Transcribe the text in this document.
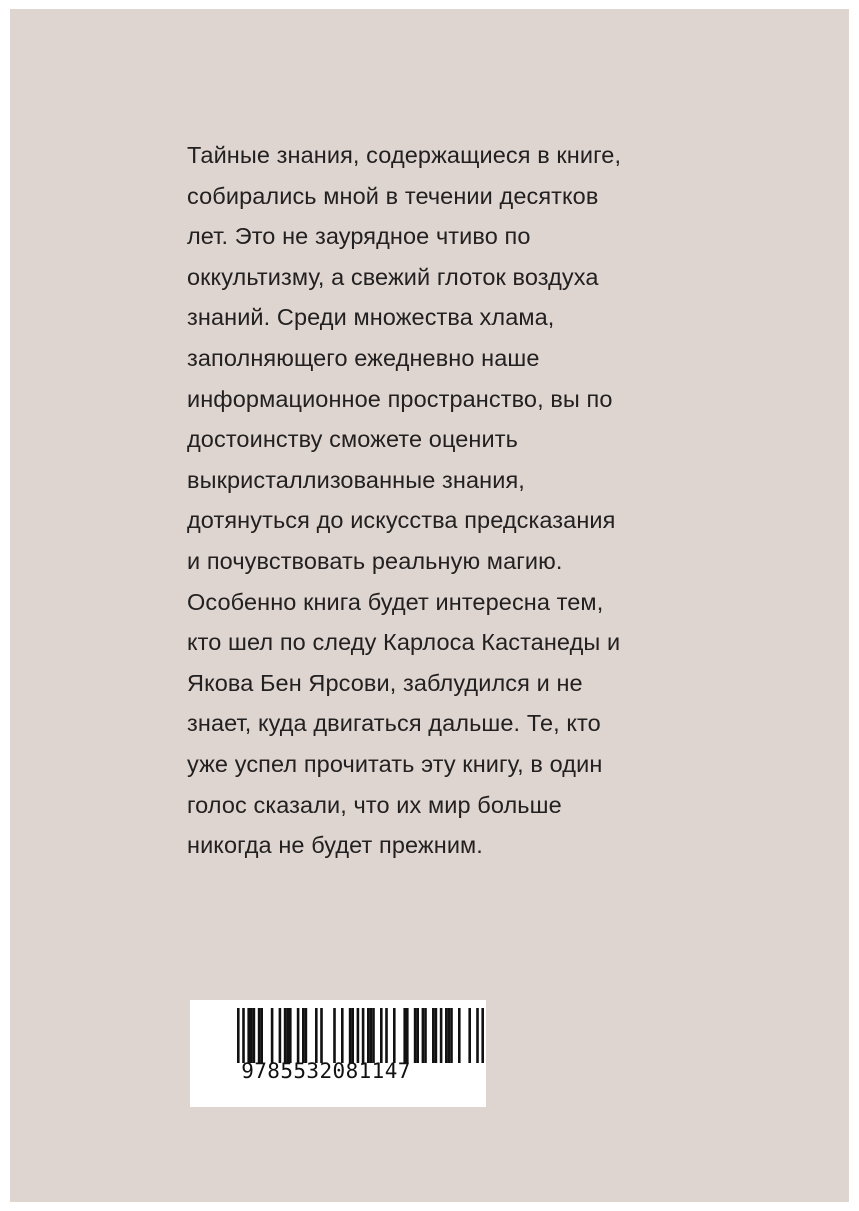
Тайные знания, содержащиеся в книге,
собирались мной в течении десятков
лет. Это не заурядное чтиво по
оккультизму, а свежий глоток воздуха
знаний. Среди множества хлама,
заполняющего ежедневно наше
информационное пространство, вы по
достоинству сможете оценить
выкристаллизованные знания,
дотянуться до искусства предсказания
и почувствовать реальную магию.
Особенно книга будет интересна тем,
кто шел по следу Карлоса Кастанеды и
Якова Бен Ярсови, заблудился и не
знает, куда двигаться дальше. Те, кто
уже успел прочитать эту книгу, в один
голос сказали, что их мир больше
никогда не будет прежним.
9785532081147
